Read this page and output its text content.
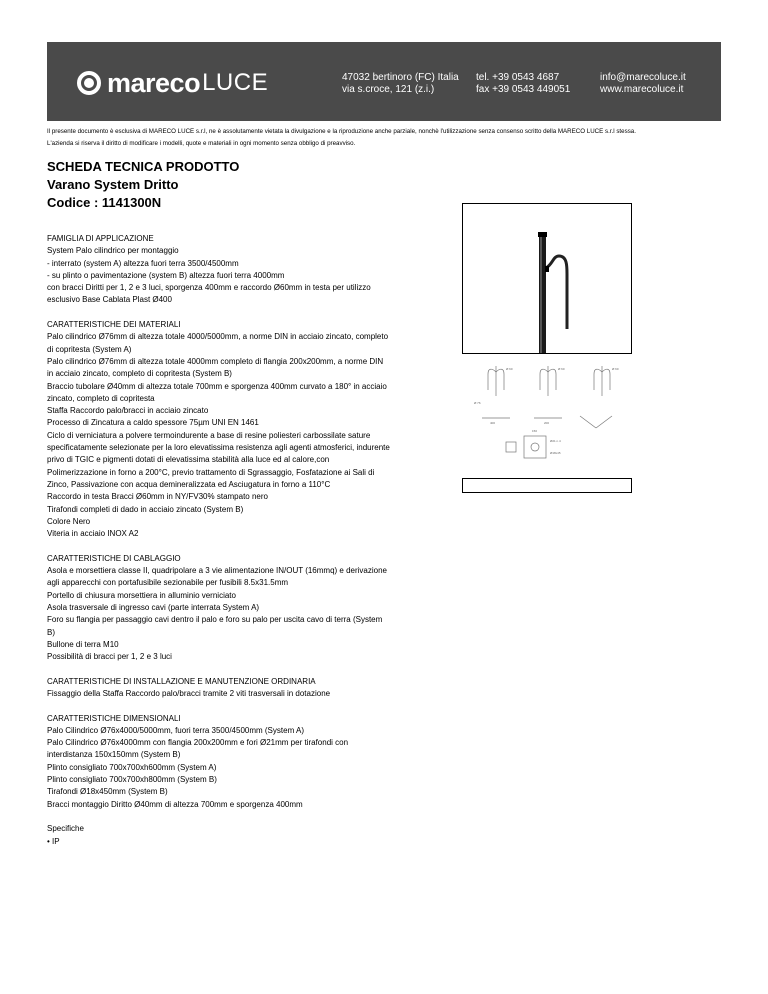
mareco LUCE	47032 bertinoro (FC) Italia
via s.croce, 121 (z.i.)
tel. +39 0543 4687
fax +39 0543 449051
info@marecoluce.it
www.marecoluce.it
Il presente documento è esclusiva di MARECO LUCE s.r.l, ne è assolutamente vietata la divulgazione e la riproduzione anche parziale, nonchè l'utilizzazione senza consenso scritto della MARECO LUCE s.r.l stessa.
L'azienda si riserva il diritto di modificare i modelli, quote e materiali in ogni momento senza obbligo di preavviso.
SCHEDA TECNICA PRODOTTO
Varano System Dritto
Codice : 1141300N
FAMIGLIA DI APPLICAZIONE
System Palo cilindrico per montaggio
- interrato (system A) altezza fuori terra 3500/4500mm
- su plinto o pavimentazione (system B) altezza fuori terra 4000mm
con bracci Diritti per 1, 2 e 3 luci, sporgenza 400mm e raccordo Ø60mm in testa per utilizzo
esclusivo Base Cablata Plast Ø400
CARATTERISTICHE DEI MATERIALI
Palo cilindrico Ø76mm di altezza totale 4000/5000mm, a norme DIN in acciaio zincato, completo
di copritesta (System A)
Palo cilindrico Ø76mm di altezza totale 4000mm completo di flangia 200x200mm, a norme DIN
in acciaio zincato, completo di copritesta (System B)
Braccio tubolare Ø40mm di altezza totale 700mm e sporgenza 400mm curvato a 180° in acciaio
zincato, completo di copritesta
Staffa Raccordo palo/bracci in acciaio zincato
Processo di Zincatura a caldo spessore 75µm UNI EN 1461
Ciclo di verniciatura a polvere termoindurente a base di resine poliesteri carbossilate sature
specificatamente selezionate per la loro elevatissima resistenza agli agenti atmosferici, indurente
privo di TGIC e pigmenti dotati di elevatissima stabilità alla luce ed al calore,con
Polimerizzazione in forno a 200°C, previo trattamento di Sgrassaggio, Fosfatazione ai Sali di
Zinco, Passivazione con acqua demineralizzata ed Asciugatura in forno a 110°C
Raccordo in testa Bracci Ø60mm in NY/FV30% stampato nero
Tirafondi completi di dado in acciaio zincato (System B)
Colore Nero
Viteria in acciaio INOX A2
CARATTERISTICHE DI CABLAGGIO
Asola e morsettiera classe II, quadripolare a 3 vie alimentazione IN/OUT (16mmq) e derivazione
agli apparecchi con portafusibile sezionabile per fusibili 8.5x31.5mm
Portello di chiusura morsettiera in alluminio verniciato
Asola trasversale di ingresso cavi (parte interrata System A)
Foro su flangia per passaggio cavi dentro il palo e foro su palo per uscita cavo di terra (System
B)
Bullone di terra M10
Possibilità di bracci per 1, 2 e 3 luci
CARATTERISTICHE DI INSTALLAZIONE E MANUTENZIONE ORDINARIA
Fissaggio della Staffa Raccordo palo/bracci tramite 2 viti trasversali in dotazione
CARATTERISTICHE DIMENSIONALI
Palo Cilindrico Ø76x4000/5000mm, fuori terra 3500/4500mm (System A)
Palo Cilindrico Ø76x4000mm con flangia 200x200mm e fori Ø21mm per tirafondi con
interdistanza 150x150mm (System B)
Plinto consigliato 700x700xh600mm (System A)
Plinto consigliato 700x700xh800mm (System B)
Tirafondi Ø18x450mm (System B)
Bracci montaggio Diritto Ø40mm di altezza 700mm e sporgenza 400mm
Specifiche
• IP
Ø 60
Ø 76
Ø 60	Ø 60
400	200
150
Ø21 n.4
Ø18x45
